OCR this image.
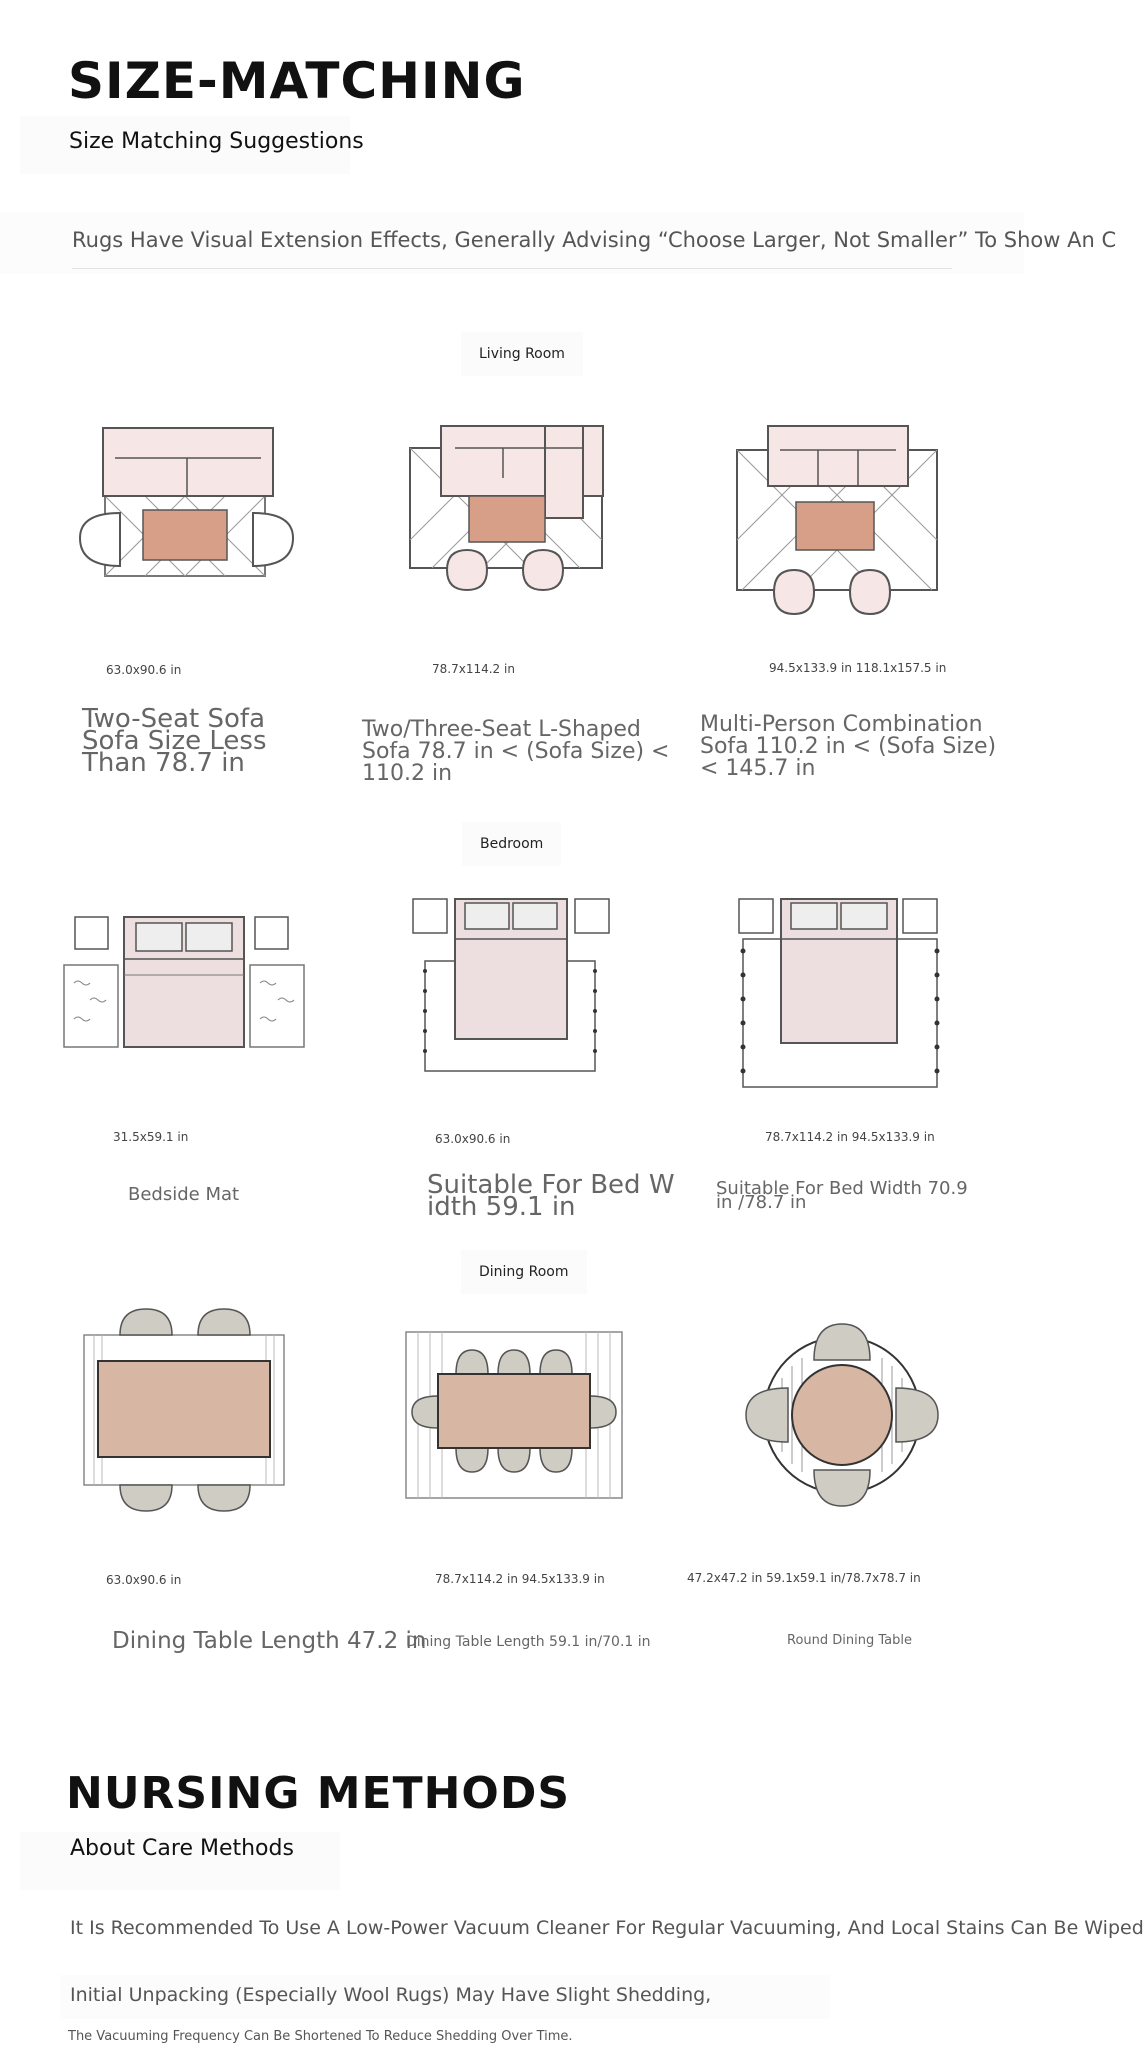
SIZE-MATCHING
Size Matching Suggestions
Rugs Have Visual Extension Effects, Generally Advising “Choose Larger, Not Smaller” To Show An C
Living Room
63.0x90.6 in	78.7x114.2 in	94.5x133.9 in 118.1x157.5 in
Two-Seat Sofa Sofa Size Less Than 78.7 in
Two/Three-Seat L-Shaped Sofa 78.7 in < (Sofa Size) < 110.2 in
Multi-Person Combination Sofa 110.2 in < (Sofa Size) < 145.7 in
Bedroom
31.5x59.1 in	63.0x90.6 in	78.7x114.2 in 94.5x133.9 in
Bedside Mat	Suitable For Bed Width 59.1 in
Suitable For Bed Width 70.9 in /78.7 in
Dining Room
63.0x90.6 in	78.7x114.2 in 94.5x133.9 in	47.2x47.2 in 59.1x59.1 in/78.7x78.7 in
Dining Table Length 47.2 in
Dining Table Length 59.1 in/70.1 in	Round Dining Table
NURSING METHODS
About Care Methods
It Is Recommended To Use A Low-Power Vacuum Cleaner For Regular Vacuuming, And Local Stains Can Be Wiped
Initial Unpacking (Especially Wool Rugs) May Have Slight Shedding,
The Vacuuming Frequency Can Be Shortened To Reduce Shedding Over Time.
